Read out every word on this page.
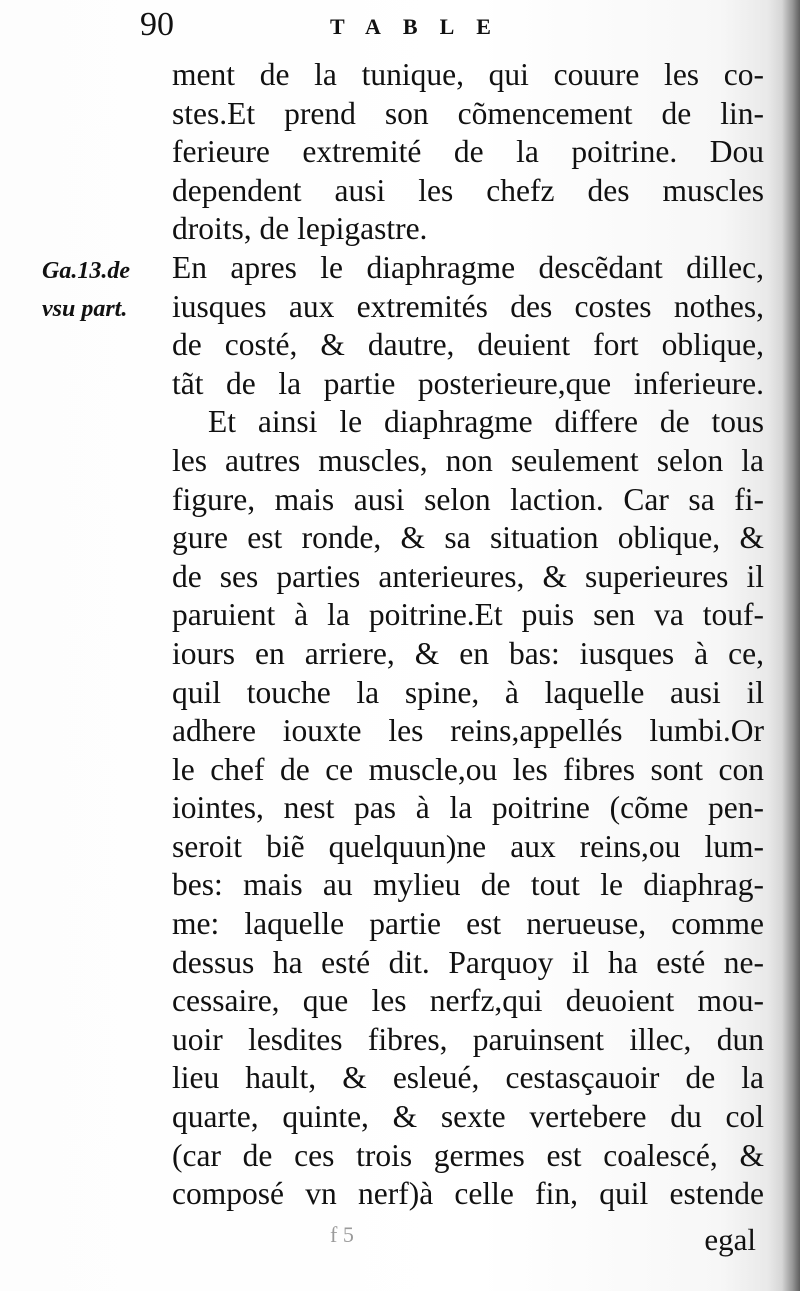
90	TABLE
Ga.13.de
vsu part.
ment de la tunique, qui couure les co-
stes.Et prend son cõmencement de lin-
ferieure extremité de la poitrine. Dou
dependent ausi les chefz des muscles
droits, de lepigastre.
En apres le diaphragme descẽdant dillec,
iusques aux extremités des costes nothes,
de costé, & dautre, deuient fort oblique,
tãt de la partie posterieure,que inferieure.
Et ainsi le diaphragme differe de tous
les autres muscles, non seulement selon la
figure, mais ausi selon laction. Car sa fi-
gure est ronde, & sa situation oblique, &
de ses parties anterieures, & superieures il
paruient à la poitrine.Et puis sen va touf-
iours en arriere, & en bas: iusques à ce,
quil touche la spine, à laquelle ausi il
adhere iouxte les reins,appellés lumbi.Or
le chef de ce muscle,ou les fibres sont con
iointes, nest pas à la poitrine (cõme pen-
seroit biẽ quelquun)ne aux reins,ou lum-
bes: mais au mylieu de tout le diaphrag-
me: laquelle partie est nerueuse, comme
dessus ha esté dit. Parquoy il ha esté ne-
cessaire, que les nerfz,qui deuoient mou-
uoir lesdites fibres, paruinsent illec, dun
lieu hault, & esleué, cestasçauoir de la
quarte, quinte, & sexte vertebere du col
(car de ces trois germes est coalescé, &
composé vn nerf)à celle fin, quil estende
f 5	egal
